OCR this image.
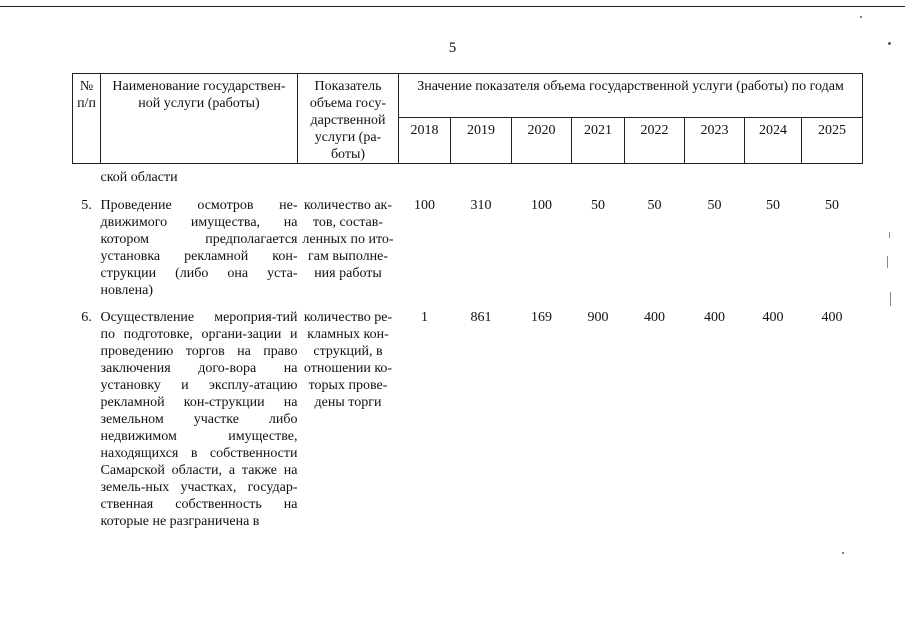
5
№ п/п	Наименование государствен-ной услуги (работы)	Показатель объема госу-дарственной услуги (ра-боты)	Значение показателя объема государственной услуги (работы) по годам							
			2018	2019	2020	2021	2022	2023	2024	2025
	ской области									
5.	Проведение осмотров не-движимого имущества, на котором предполагается установка рекламной кон-струкции (либо она уста-новлена)	количество ак-тов, состав-ленных по ито-гам выполне-ния работы	100	310	100	50	50	50	50	50
6.	Осуществление мероприя-тий по подготовке, органи-зации и проведению торгов на право заключения дого-вора на установку и эксплу-атацию рекламной кон-струкции на земельном участке либо недвижимом имуществе, находящихся в собственности Самарской области, а также на земель-ных участках, государ-ственная собственность на которые не разграничена в	количество ре-кламных кон-струкций, в отношении ко-торых прове-дены торги	1	861	169	900	400	400	400	400
